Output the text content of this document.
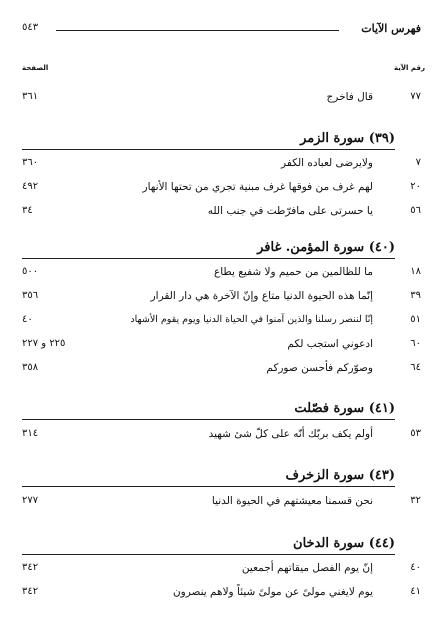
فهرس الآيات
٥٤٣
رقم الآية
الصفحة
٧٧
قال فاخرج
٣٦١
(٣٩) سورة الزمر
٧
ولايرضى لعباده الكفر
٣٦٠
٢٠
لهم غرف من فوقها غرف مبنية تجري من تحتها الأنهار
٤٩٢
٥٦
يا حسرتى على مافرّطت في جنب الله
٣٤
(٤٠) سورة المؤمن. غافر
١٨
ما للظالمين من حميم ولا شفيع يطاع
٥٠٠
٣٩
إنّما هذه الحيوة الدنيا متاع وإنّ الآخرة هي دار القرار
٣٥٦
٥١
إنّا لننصر رسلنا والذين آمنوا في الحياة الدنيا ويوم يقوم الأشهاد
٤٠
٦٠
ادعوني استجب لكم
٢٢٥ و ٢٢٧
٦٤
وصوّركم فأحسن صوركم
٣٥٨
(٤١) سورة فصّلت
٥٣
أولم يكف بربّك أنّه على كلّ شئ شهيد
٣١٤
(٤٣) سورة الزخرف
٣٢
نحن قسمنا معيشتهم في الحيوة الدنيا
٢٧٧
(٤٤) سورة الدخان
٤٠
إنّ يوم الفصل ميقاتهم أجمعين
٣٤٢
٤١
يوم لايغني مولىً عن مولىً شيئاً ولاهم ينصرون
٣٤٢
